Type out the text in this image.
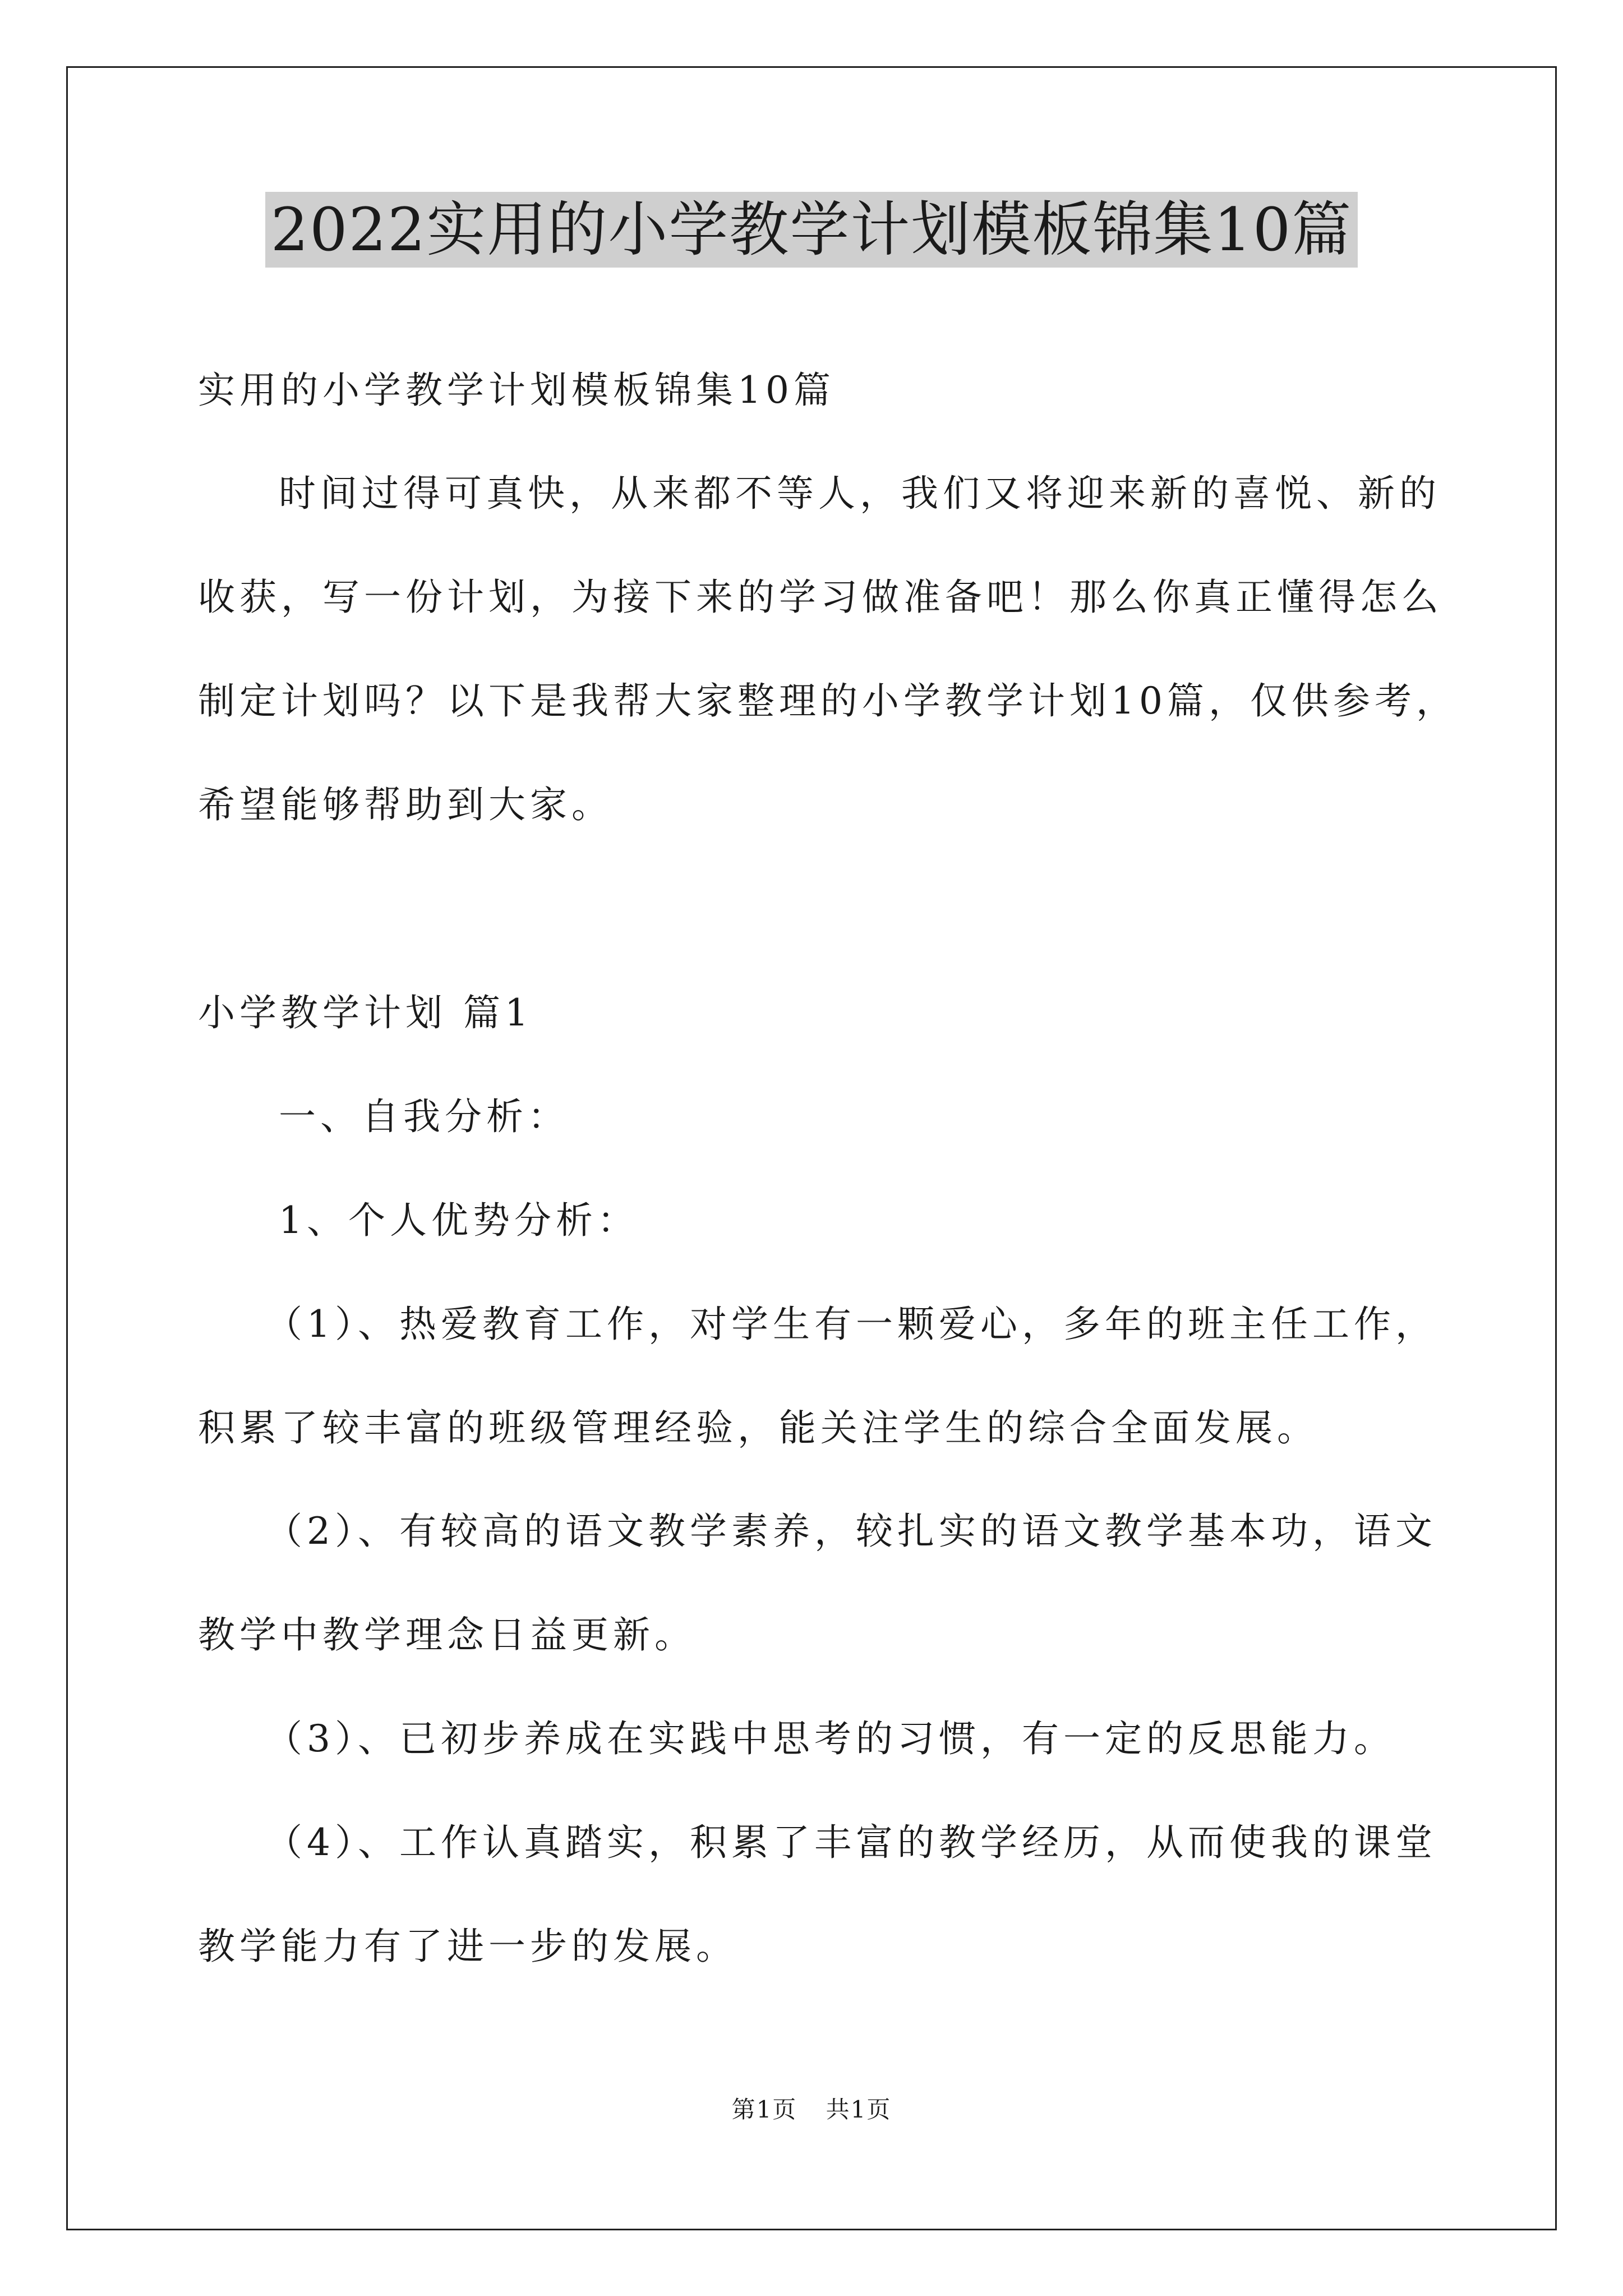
2022实用的小学教学计划模板锦集10篇
实用的小学教学计划模板锦集10篇
时间过得可真快，从来都不等人，我们又将迎来新的喜悦、新的
收获，写一份计划，为接下来的学习做准备吧！那么你真正懂得怎么
制定计划吗？以下是我帮大家整理的小学教学计划10篇，仅供参考，
希望能够帮助到大家。
小学教学计划 篇1
一、自我分析：
1、个人优势分析：
（1）、热爱教育工作，对学生有一颗爱心，多年的班主任工作，
积累了较丰富的班级管理经验，能关注学生的综合全面发展。
（2）、有较高的语文教学素养，较扎实的语文教学基本功，语文
教学中教学理念日益更新。
（3）、已初步养成在实践中思考的习惯，有一定的反思能力。
（4）、工作认真踏实，积累了丰富的教学经历，从而使我的课堂
教学能力有了进一步的发展。
第1页 共1页
